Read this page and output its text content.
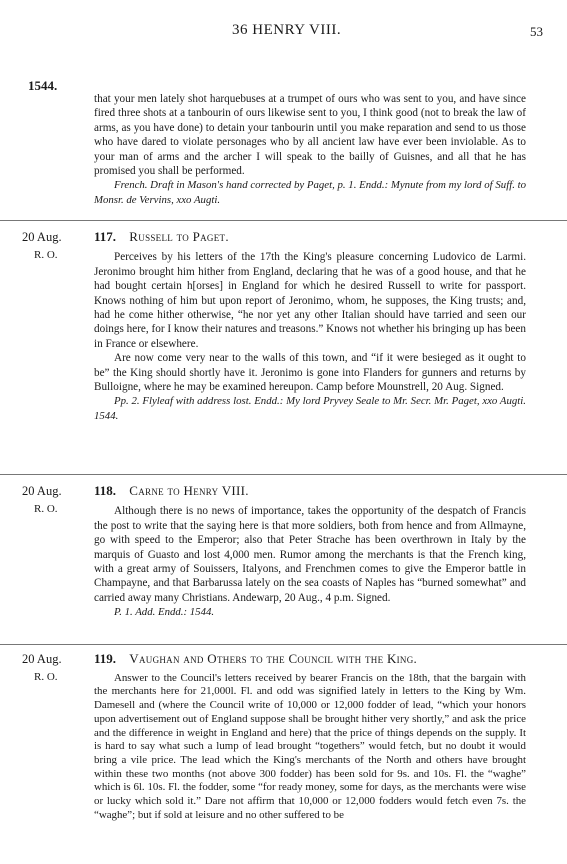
36 HENRY VIII.	53
1544.

that your men lately shot harquebuses at a trumpet of ours who was sent to you, and have since fired three shots at a tanbourin of ours likewise sent to you, I think good (not to break the law of arms, as you have done) to detain your tanbourin until you make reparation and send to us those who have dared to violate personages who by all ancient law have ever been inviolable. As to your man of arms and the archer I will speak to the bailly of Guisnes, and all that he has promised you shall be performed.

French. Draft in Mason's hand corrected by Paget, p. 1. Endd.: Mynute from my lord of Suff. to Monsr. de Vervins, xxo Augti.

20 Aug.
R. O.
117. Russell to Paget.

Perceives by his letters of the 17th the King's pleasure concerning Ludovico de Larmi. Jeronimo brought him hither from England, declaring that he was of a good house, and that he had bought certain h[orses] in England for which he desired Russell to write for passport. Knows nothing of him but upon report of Jeronimo, whom, he supposes, the King trusts; and, had he come hither otherwise, “he nor yet any other Italian should have tarried and seen our doings here, for I know their natures and treasons.” Knows not whether his bringing up has been in France or elsewhere.

Are now come very near to the walls of this town, and “if it were besieged as it ought to be” the King should shortly have it. Jeronimo is gone into Flanders for gunners and returns by Bulloigne, where he may be examined hereupon. Camp before Mounstrell, 20 Aug. Signed.

Pp. 2. Flyleaf with address lost. Endd.: My lord Pryvey Seale to Mr. Secr. Mr. Paget, xxo Augti. 1544.

20 Aug.
R. O.
118. Carne to Henry VIII.

Although there is no news of importance, takes the opportunity of the despatch of Francis the post to write that the saying here is that more soldiers, both from hence and from Allmayne, go with speed to the Emperor; also that Peter Strache has been overthrown in Italy by the marquis of Guasto and lost 4,000 men. Rumor among the merchants is that the French king, with a great army of Souissers, Italyons, and Frenchmen comes to give the Emperor battle in Champayne, and that Barbarussa lately on the sea coasts of Naples has “burned somewhat” and carried away many Christians. Andewarp, 20 Aug., 4 p.m. Signed.

P. 1. Add. Endd.: 1544.

20 Aug.
R. O.
119. Vaughan and Others to the Council with the King.

Answer to the Council's letters received by bearer Francis on the 18th, that the bargain with the merchants here for 21,000l. Fl. and odd was signified lately in letters to the King by Wm. Damesell and (where the Council write of 10,000 or 12,000 fodder of lead, “which your honors upon advertisement out of England suppose shall be brought hither very shortly,” and ask the price and the difference in weight in England and here) that the price of things depends on the supply. It is hard to say what such a lump of lead brought “togethers” would fetch, but no doubt it would bring a vile price. The lead which the King's merchants of the North and others have brought within these two months (not above 300 fodder) has been sold for 9s. and 10s. Fl. the “waghe” which is 6l. 10s. Fl. the fodder, some “for ready money, some for days, as the merchants were wise or lucky which sold it.” Dare not affirm that 10,000 or 12,000 fodders would fetch even 7s. the “waghe”; but if sold at leisure and no other suffered to be
